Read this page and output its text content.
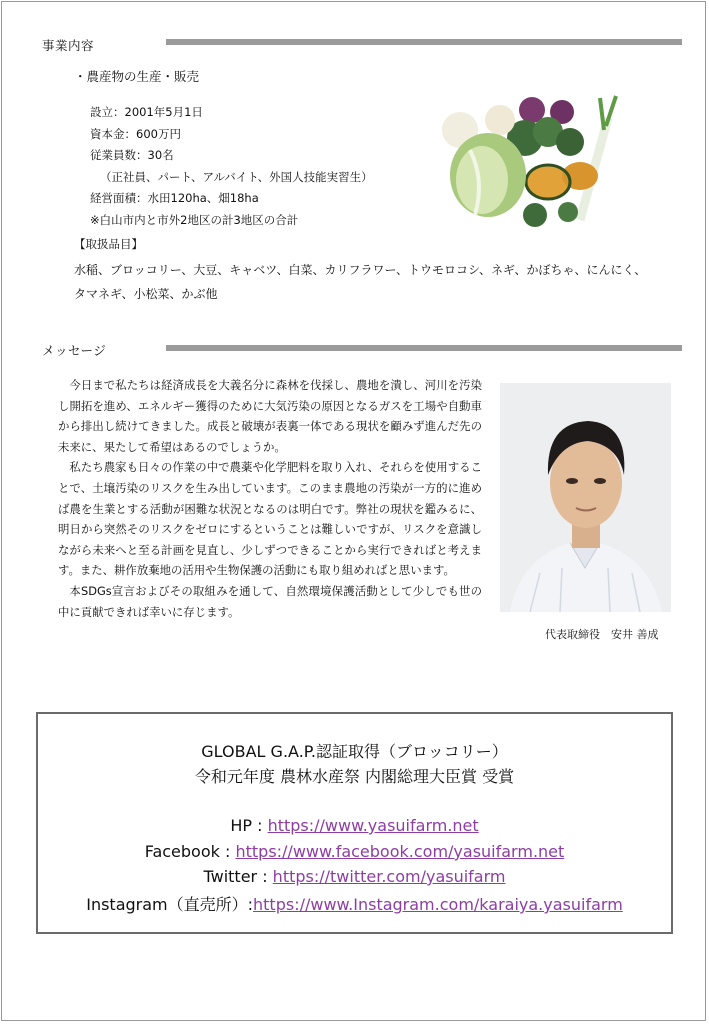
事業内容
・農産物の生産・販売
設立：2001年5月1日
資本金：600万円
従業員数：30名
（正社員、パート、アルバイト、外国人技能実習生）
経営面積：水田120ha、畑18ha
※白山市内と市外2地区の計3地区の合計
【取扱品目】
水稲、ブロッコリー、大豆、キャベツ、白菜、カリフラワー、トウモロコシ、ネギ、かぼちゃ、にんにく、
タマネギ、小松菜、かぶ他
メッセージ

今日まで私たちは経済成長を大義名分に森林を伐採し、農地を潰し、河川を汚染し開拓を進め、エネルギー獲得のために大気汚染の原因となるガスを工場や自動車から排出し続けてきました。成長と破壊が表裏一体である現状を顧みず進んだ先の未来に、果たして希望はあるのでしょうか。

私たち農家も日々の作業の中で農薬や化学肥料を取り入れ、それらを使用することで、土壌汚染のリスクを生み出しています。このまま農地の汚染が一方的に進めば農を生業とする活動が困難な状況となるのは明白です。弊社の現状を鑑みるに、明日から突然そのリスクをゼロにするということは難しいですが、リスクを意識しながら未来へと至る計画を見直し、少しずつできることから実行できればと考えます。また、耕作放棄地の活用や生物保護の活動にも取り組めればと思います。

本SDGs宣言およびその取組みを通して、自然環境保護活動として少しでも世の中に貢献できれば幸いに存じます。

代表取締役　安井 善成
GLOBAL G.A.P.認証取得（ブロッコリー）
令和元年度 農林水産祭 内閣総理大臣賞 受賞
HP : https://www.yasuifarm.net
Facebook : https://www.facebook.com/yasuifarm.net
Twitter : https://twitter.com/yasuifarm
Instagram（直売所）:https://www.Instagram.com/karaiya.yasuifarm
